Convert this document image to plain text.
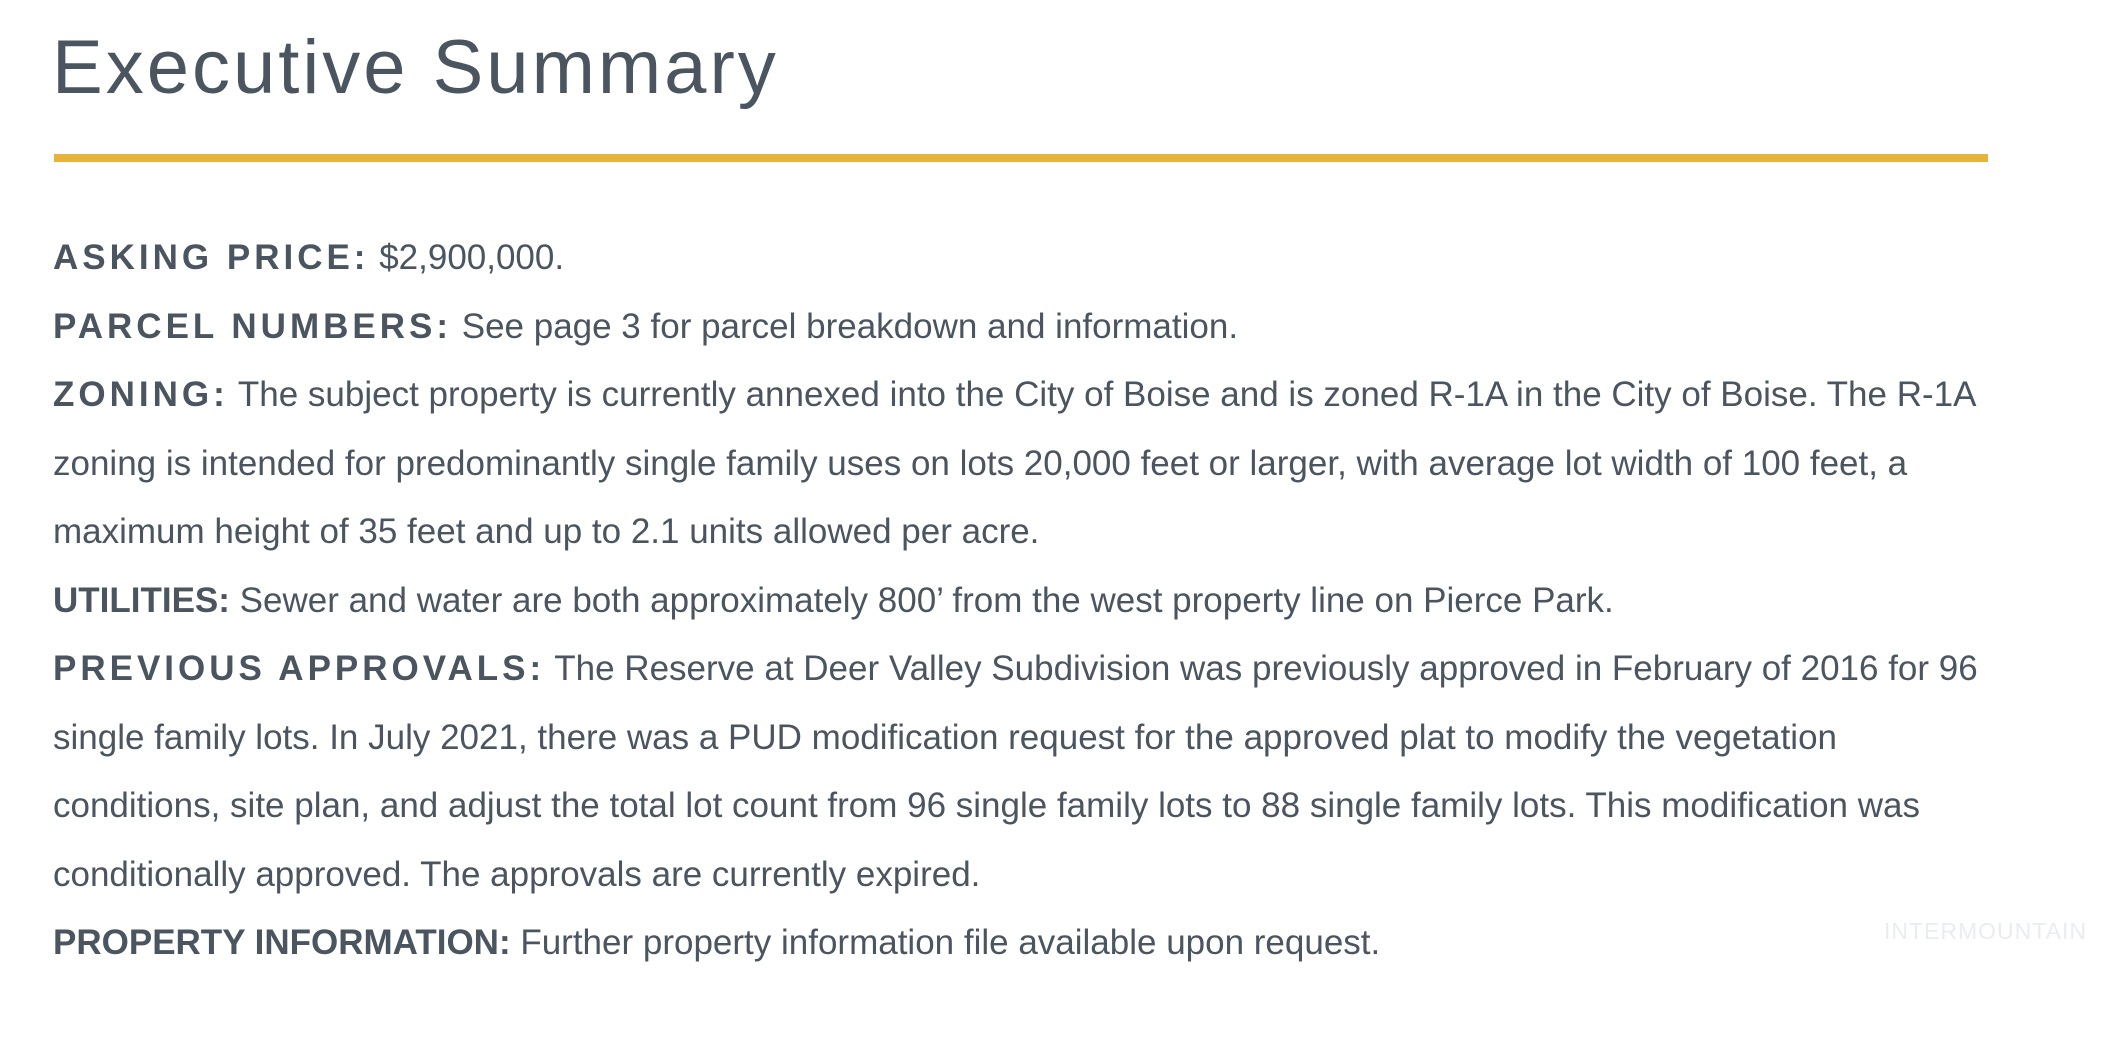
Executive Summary

ASKING PRICE: $2,900,000.

PARCEL NUMBERS: See page 3 for parcel breakdown and information.

ZONING: The subject property is currently annexed into the City of Boise and is zoned R-1A in the City of Boise. The R-1A zoning is intended for predominantly single family uses on lots 20,000 feet or larger, with average lot width of 100 feet, a maximum height of 35 feet and up to 2.1 units allowed per acre.

UTILITIES: Sewer and water are both approximately 800’ from the west property line on Pierce Park.

PREVIOUS APPROVALS: The Reserve at Deer Valley Subdivision was previously approved in February of 2016 for 96 single family lots. In July 2021, there was a PUD modification request for the approved plat to modify the vegetation conditions, site plan, and adjust the total lot count from 96 single family lots to 88 single family lots. This modification was conditionally approved. The approvals are currently expired.

PROPERTY INFORMATION: Further property information file available upon request.	INTERMOUNTAIN
